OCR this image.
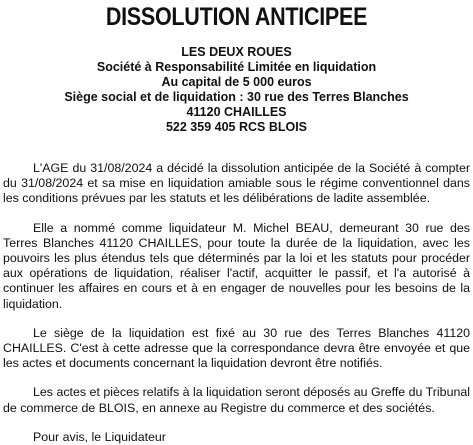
DISSOLUTION ANTICIPEE
LES DEUX ROUES
Société à Responsabilité Limitée en liquidation
Au capital de 5 000 euros
Siège social et de liquidation : 30 rue des Terres Blanches
41120 CHAILLES
522 359 405 RCS BLOIS

L'AGE du 31/08/2024 a décidé la dissolution anticipée de la Société à compter du 31/08/2024 et sa mise en liquidation amiable sous le régime conventionnel dans les conditions prévues par les statuts et les délibérations de ladite assemblée.

Elle a nommé comme liquidateur M. Michel BEAU, demeurant 30 rue des Terres Blanches 41120 CHAILLES, pour toute la durée de la liquidation, avec les pouvoirs les plus étendus tels que déterminés par la loi et les statuts pour procéder aux opérations de liquidation, réaliser l'actif, acquitter le passif, et l'a autorisé à continuer les affaires en cours et à en engager de nouvelles pour les besoins de la liquidation.

Le siège de la liquidation est fixé au 30 rue des Terres Blanches 41120 CHAILLES. C'est à cette adresse que la correspondance devra être envoyée et que les actes et documents concernant la liquidation devront être notifiés.

Les actes et pièces relatifs à la liquidation seront déposés au Greffe du Tribunal de commerce de BLOIS, en annexe au Registre du commerce et des sociétés.

Pour avis, le Liquidateur
